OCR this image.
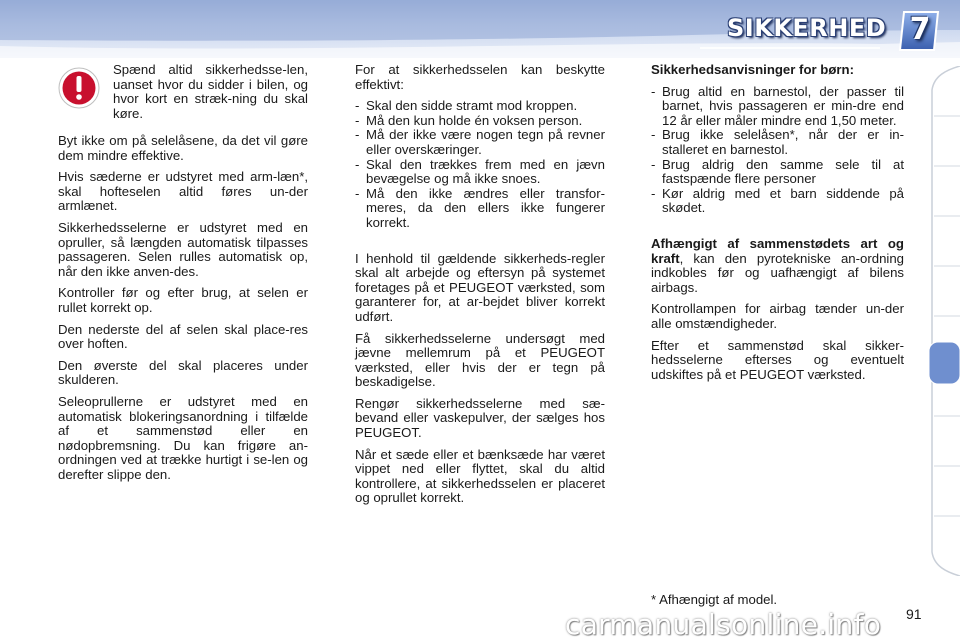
SIKKERHED 7
Spænd altid sikkerhedsse-len, uanset hvor du sidder i bilen, og hvor kort en stræk-ning du skal køre.

Byt ikke om på selelåsene, da det vil gøre dem mindre effektive.

Hvis sæderne er udstyret med arm-læn*, skal hofteselen altid føres un-der armlænet.

Sikkerhedsselerne er udstyret med en opruller, så længden automatisk tilpasses passageren. Selen rulles automatisk op, når den ikke anven-des.

Kontroller før og efter brug, at selen er rullet korrekt op.

Den nederste del af selen skal place-res over hoften.

Den øverste del skal placeres under skulderen.

Seleoprullerne er udstyret med en automatisk blokeringsanordning i tilfælde af et sammenstød eller en nødopbremsning. Du kan frigøre an-ordningen ved at trække hurtigt i se-len og derefter slippe den.

For at sikkerhedsselen kan beskytte effektivt:

- Skal den sidde stramt mod kroppen.
- Må den kun holde én voksen person.
- Må der ikke være nogen tegn på revner eller overskæringer.
- Skal den trækkes frem med en jævn bevægelse og må ikke snoes.
- Må den ikke ændres eller transfor-meres, da den ellers ikke fungerer korrekt.

I henhold til gældende sikkerheds-regler skal alt arbejde og eftersyn på systemet foretages på et PEUGEOT værksted, som garanterer for, at ar-bejdet bliver korrekt udført.

Få sikkerhedsselerne undersøgt med jævne mellemrum på et PEUGEOT værksted, eller hvis der er tegn på beskadigelse.

Rengør sikkerhedsselerne med sæ-bevand eller vaskepulver, der sælges hos PEUGEOT.

Når et sæde eller et bænksæde har været vippet ned eller flyttet, skal du altid kontrollere, at sikkerhedsselen er placeret og oprullet korrekt.

Sikkerhedsanvisninger for børn:

- Brug altid en barnestol, der passer til barnet, hvis passageren er min-dre end 12 år eller måler mindre end 1,50 meter.
- Brug ikke selelåsen*, når der er in-stalleret en barnestol.
- Brug aldrig den samme sele til at fastspænde flere personer
- Kør aldrig med et barn siddende på skødet.

Afhængigt af sammenstødets art og kraft, kan den pyrotekniske an-ordning indkobles før og uafhængigt af bilens airbags.

Kontrollampen for airbag tænder un-der alle omstændigheder.

Efter et sammenstød skal sikker-hedsselerne efterses og eventuelt udskiftes på et PEUGEOT værksted.

* Afhængigt af model.
91
carmanualsonline.info
